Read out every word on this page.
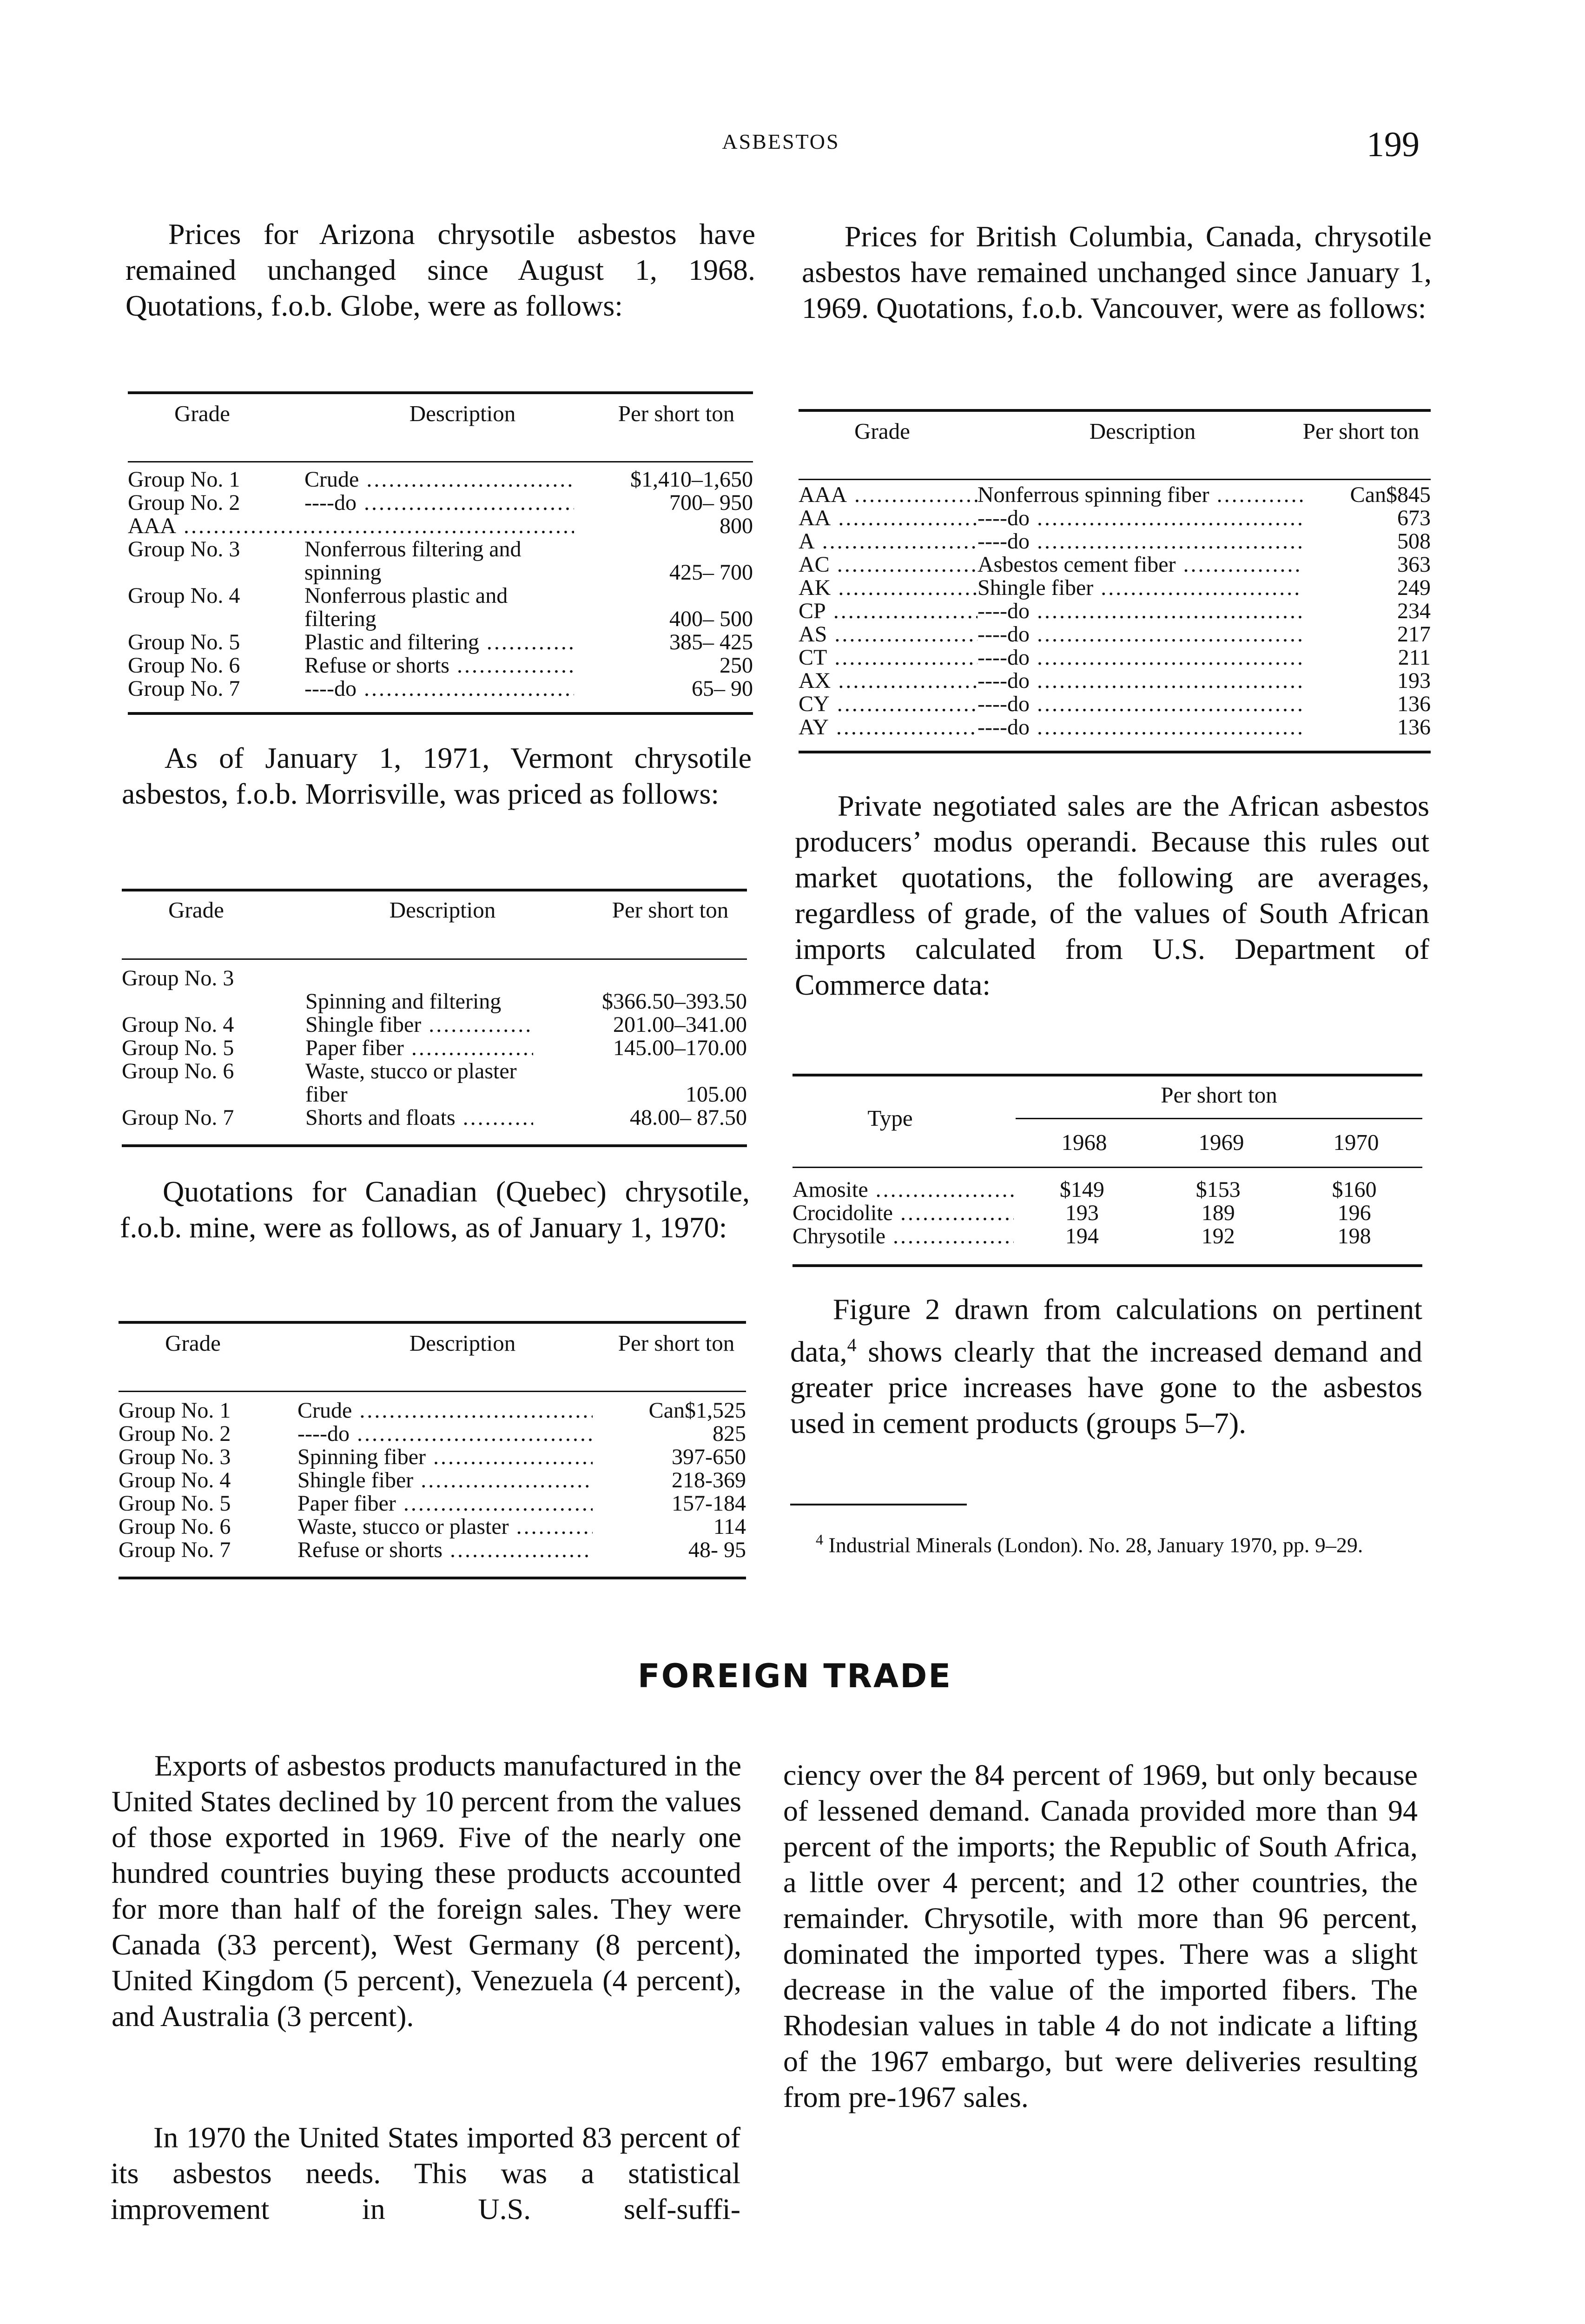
ASBESTOS	199

Prices for Arizona chrysotile asbestos have remained unchanged since August 1, 1968. Quotations, f.o.b. Globe, were as follows:

Grade	Description	Per short ton
Group No. 1	Crude .....	$1,410–1,650
Group No. 2	----do .....	700– 950
AAA .....	800
Group No. 3	Nonferrous filtering and spinning	425– 700
Group No. 4	Nonferrous plastic and filtering	400– 500
Group No. 5	Plastic and filtering .....	385– 425
Group No. 6	Refuse or shorts .....	250
Group No. 7	----do .....	65– 90

As of January 1, 1971, Vermont chrysotile asbestos, f.o.b. Morrisville, was priced as follows:

Grade	Description	Per short ton
Group No. 3
Spinning and filtering	$366.50–393.50
Group No. 4	Shingle fiber .....	201.00–341.00
Group No. 5	Paper fiber .....	145.00–170.00
Group No. 6	Waste, stucco or plaster fiber	105.00
Group No. 7	Shorts and floats .....	48.00– 87.50

Quotations for Canadian (Quebec) chrysotile, f.o.b. mine, were as follows, as of January 1, 1970:

Grade	Description	Per short ton
Group No. 1	Crude .....	Can$1,525
Group No. 2	----do .....	825
Group No. 3	Spinning fiber .....	397-650
Group No. 4	Shingle fiber .....	218-369
Group No. 5	Paper fiber .....	157-184
Group No. 6	Waste, stucco or plaster .....	114
Group No. 7	Refuse or shorts .....	48- 95

Prices for British Columbia, Canada, chrysotile asbestos have remained unchanged since January 1, 1969. Quotations, f.o.b. Vancouver, were as follows:

Grade	Description	Per short ton
AAA .....	Nonferrous spinning fiber .....	Can$845
AA .....	----do .....	673
A .....	----do .....	508
AC .....	Asbestos cement fiber .....	363
AK .....	Shingle fiber .....	249
CP .....	----do .....	234
AS .....	----do .....	217
CT .....	----do .....	211
AX .....	----do .....	193
CY .....	----do .....	136
AY .....	----do .....	136

Private negotiated sales are the African asbestos producers’ modus operandi. Because this rules out market quotations, the following are averages, regardless of grade, of the values of South African imports calculated from U.S. Department of Commerce data:

Type
Per short ton
1968	1969	1970
Amosite .....	$149	$153	$160
Crocidolite .....	193	189	196
Chrysotile .....	194	192	198

Figure 2 drawn from calculations on pertinent data,$^4$ shows clearly that the increased demand and greater price increases have gone to the asbestos used in cement products (groups 5–7).

$^4$ Industrial Minerals (London). No. 28, January 1970, pp. 9–29.
FOREIGN TRADE

Exports of asbestos products manufactured in the United States declined by 10 percent from the values of those exported in 1969. Five of the nearly one hundred countries buying these products accounted for more than half of the foreign sales. They were Canada (33 percent), West Germany (8 percent), United Kingdom (5 percent), Venezuela (4 percent), and Australia (3 percent).

In 1970 the United States imported 83 percent of its asbestos needs. This was a statistical improvement in U.S. self-suffi-

ciency over the 84 percent of 1969, but only because of lessened demand. Canada provided more than 94 percent of the imports; the Republic of South Africa, a little over 4 percent; and 12 other countries, the remainder. Chrysotile, with more than 96 percent, dominated the imported types. There was a slight decrease in the value of the imported fibers. The Rhodesian values in table 4 do not indicate a lifting of the 1967 embargo, but were deliveries resulting from pre-1967 sales.
